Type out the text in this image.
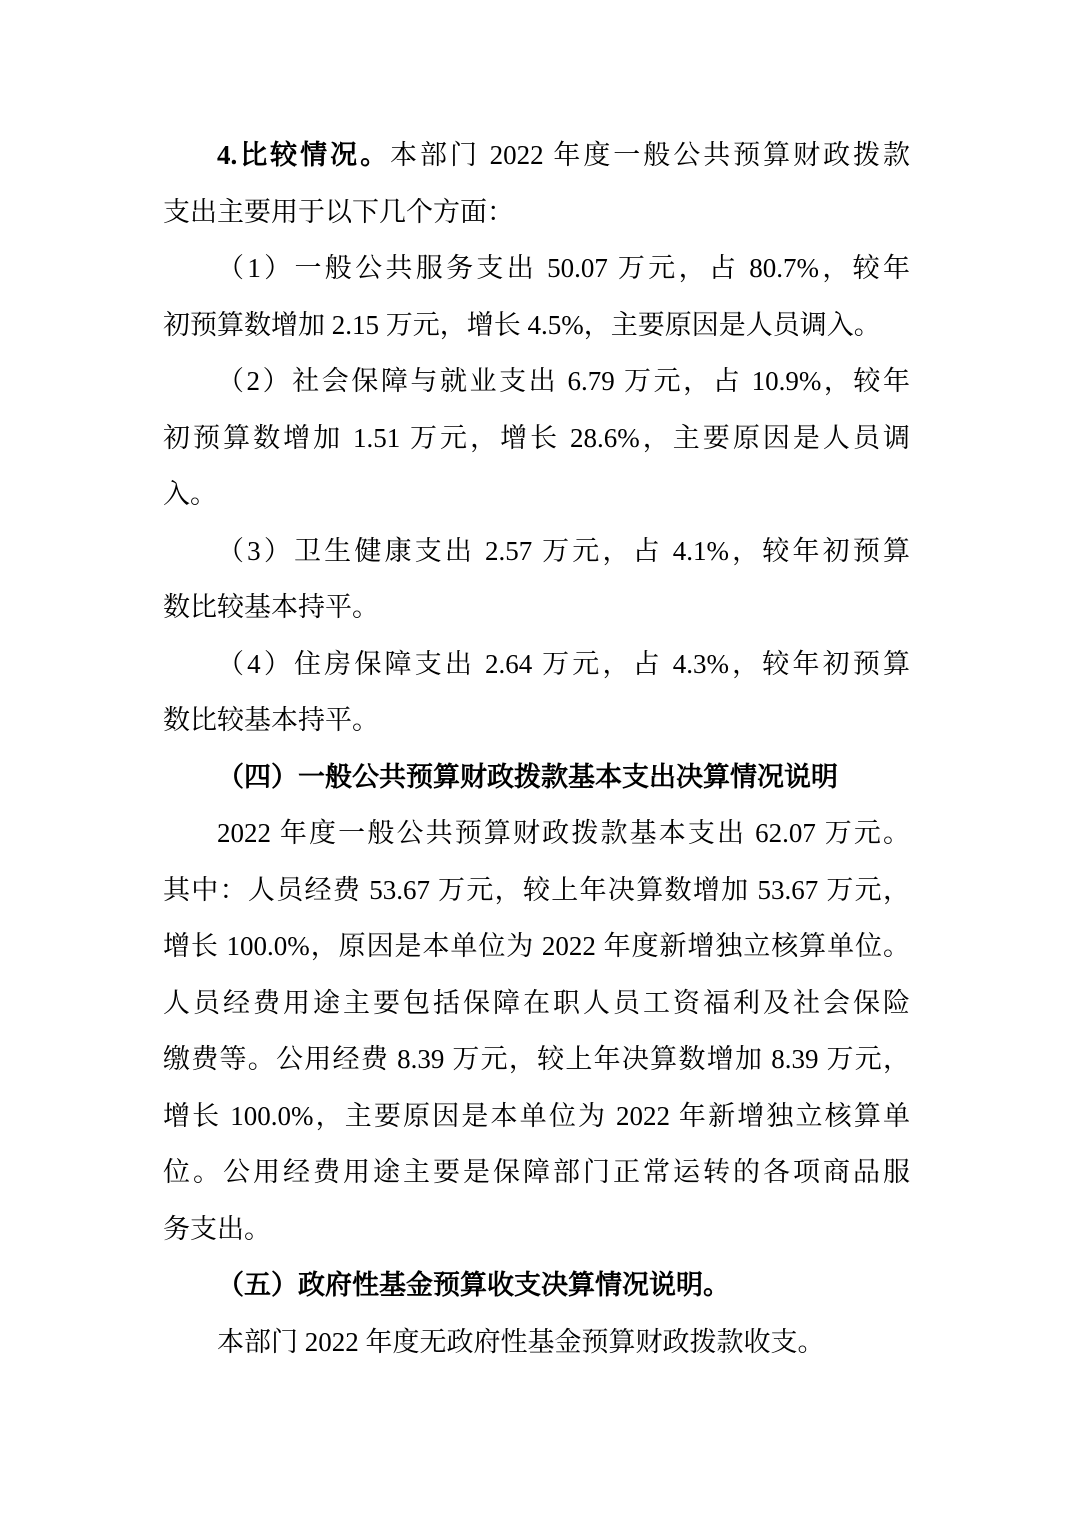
4.比较情况。本部门 2022 年度一般公共预算财政拨款
支出主要用于以下几个方面：
（1）一般公共服务支出 50.07 万元，占 80.7%，较年
初预算数增加 2.15 万元，增长 4.5%，主要原因是人员调入。
（2）社会保障与就业支出 6.79 万元，占 10.9%，较年
初预算数增加 1.51 万元，增长 28.6%，主要原因是人员调
入。
（3）卫生健康支出 2.57 万元，占 4.1%，较年初预算
数比较基本持平。
（4）住房保障支出 2.64 万元，占 4.3%，较年初预算
数比较基本持平。
（四）一般公共预算财政拨款基本支出决算情况说明
2022 年度一般公共预算财政拨款基本支出 62.07 万元。
其中：人员经费 53.67 万元，较上年决算数增加 53.67 万元，
增长 100.0%，原因是本单位为 2022 年度新增独立核算单位。
人员经费用途主要包括保障在职人员工资福利及社会保险
缴费等。公用经费 8.39 万元，较上年决算数增加 8.39 万元，
增长 100.0%，主要原因是本单位为 2022 年新增独立核算单
位。公用经费用途主要是保障部门正常运转的各项商品服
务支出。
（五）政府性基金预算收支决算情况说明。
本部门 2022 年度无政府性基金预算财政拨款收支。
